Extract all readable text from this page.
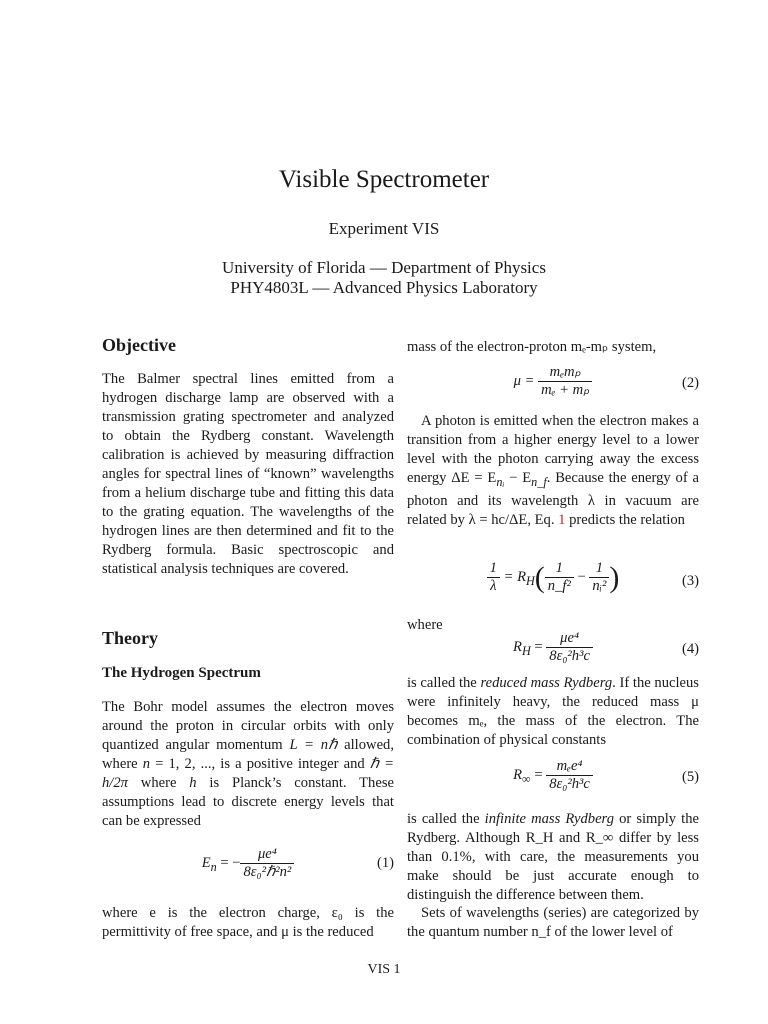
Visible Spectrometer
Experiment VIS
University of Florida — Department of Physics
PHY4803L — Advanced Physics Laboratory
Objective

The Balmer spectral lines emitted from a hydrogen discharge lamp are observed with a transmission grating spectrometer and analyzed to obtain the Rydberg constant. Wavelength calibration is achieved by measuring diffraction angles for spectral lines of “known” wavelengths from a helium discharge tube and fitting this data to the grating equation. The wavelengths of the hydrogen lines are then determined and fit to the Rydberg formula. Basic spectroscopic and statistical analysis techniques are covered.

Theory
The Hydrogen Spectrum

The Bohr model assumes the electron moves around the proton in circular orbits with only quantized angular momentum L = nℏ allowed, where n = 1, 2, ..., is a positive integer and ℏ = h/2π where h is Planck’s constant. These assumptions lead to discrete energy levels that can be expressed

$E_n$ = − $\frac{\text{μe⁴}}{\text{8ε₀²ℏ²n²}}$	(1)

where e is the electron charge, ε₀ is the permittivity of free space, and μ is the reduced

mass of the electron-proton mₑ-mₚ system,

$\mu = \frac{\text{mₑmₚ}}{\text{mₑ + mₚ}}$	(2)

A photon is emitted when the electron makes a transition from a higher energy level to a lower level with the photon carrying away the excess energy $\Delta E = E_{nᵢ} - E_{n\_f}$. Because the energy of a photon and its wavelength λ in vacuum are related by λ = hc/ΔE, Eq. 1 predicts the relation

$\frac{1}{\lambda} = R_H( \frac{1}{\text{n\_f²}} - \frac{1}{\text{nᵢ²}}$ )	(3)

where

$R_H = \frac{\text{μe⁴}}{\text{8ε₀²h³c}}$	(4)

is called the reduced mass Rydberg. If the nucleus were infinitely heavy, the reduced mass μ becomes mₑ, the mass of the electron. The combination of physical constants

$R_\infty = \frac{\text{mₑe⁴}}{\text{8ε₀²h³c}}$	(5)

is called the infinite mass Rydberg or simply the Rydberg. Although R_H and R_∞ differ by less than 0.1%, with care, the measurements you make should be just accurate enough to distinguish the difference between them.

Sets of wavelengths (series) are categorized by the quantum number n_f of the lower level of

VIS 1
